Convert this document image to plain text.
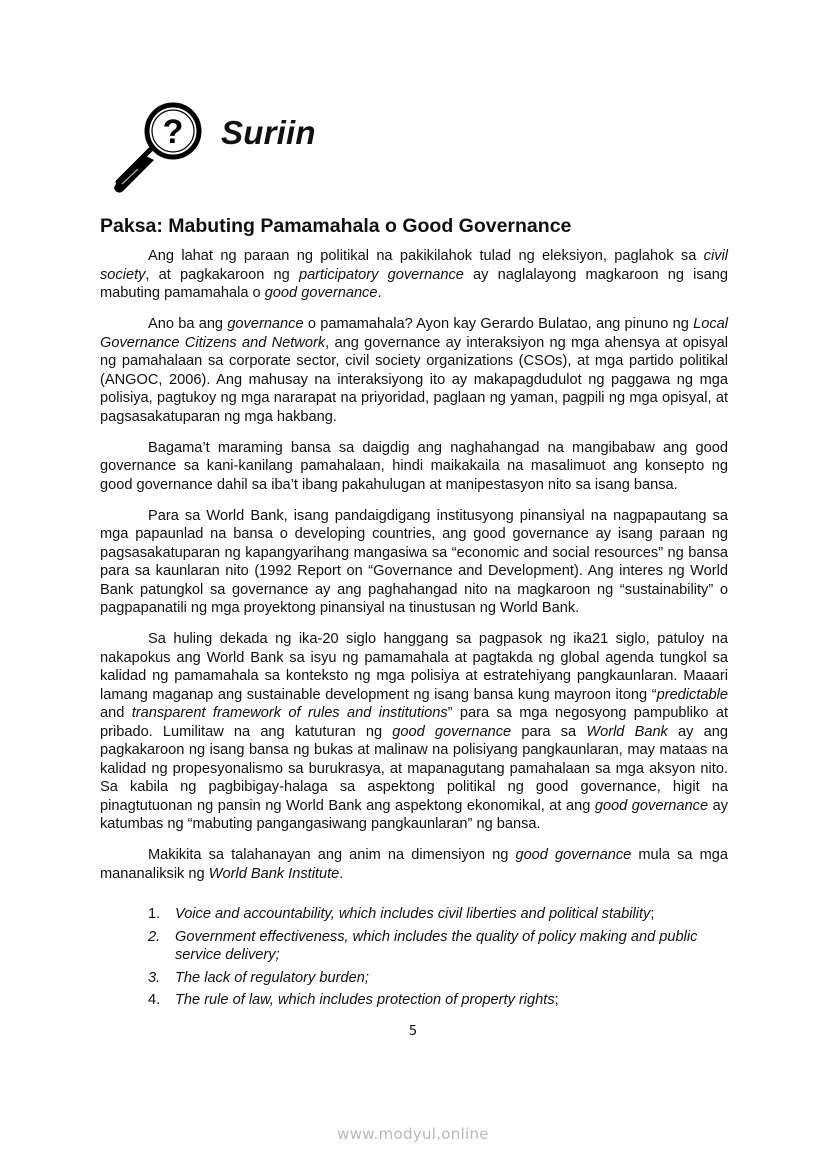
? Suriin
Paksa: Mabuting Pamamahala o Good Governance

Ang lahat ng paraan ng politikal na pakikilahok tulad ng eleksiyon, paglahok sa civil society, at pagkakaroon ng participatory governance ay naglalayong magkaroon ng isang mabuting pamamahala o good governance.

Ano ba ang governance o pamamahala? Ayon kay Gerardo Bulatao, ang pinuno ng Local Governance Citizens and Network, ang governance ay interaksiyon ng mga ahensya at opisyal ng pamahalaan sa corporate sector, civil society organizations (CSOs), at mga partido politikal (ANGOC, 2006). Ang mahusay na interaksiyong ito ay makapagdudulot ng paggawa ng mga polisiya, pagtukoy ng mga nararapat na priyoridad, paglaan ng yaman, pagpili ng mga opisyal, at pagsasakatuparan ng mga hakbang.

Bagama’t maraming bansa sa daigdig ang naghahangad na mangibabaw ang good governance sa kani-kanilang pamahalaan, hindi maikakaila na masalimuot ang konsepto ng good governance dahil sa iba’t ibang pakahulugan at manipestasyon nito sa isang bansa.

Para sa World Bank, isang pandaigdigang institusyong pinansiyal na nagpapautang sa mga papaunlad na bansa o developing countries, ang good governance ay isang paraan ng pagsasakatuparan ng kapangyarihang mangasiwa sa “economic and social resources” ng bansa para sa kaunlaran nito (1992 Report on “Governance and Development). Ang interes ng World Bank patungkol sa governance ay ang paghahangad nito na magkaroon ng “sustainability” o pagpapanatili ng mga proyektong pinansiyal na tinustusan ng World Bank.

Sa huling dekada ng ika-20 siglo hanggang sa pagpasok ng ika21 siglo, patuloy na nakapokus ang World Bank sa isyu ng pamamahala at pagtakda ng global agenda tungkol sa kalidad ng pamamahala sa konteksto ng mga polisiya at estratehiyang pangkaunlaran. Maaari lamang maganap ang sustainable development ng isang bansa kung mayroon itong “predictable and transparent framework of rules and institutions” para sa mga negosyong pampubliko at pribado. Lumilitaw na ang katuturan ng good governance para sa World Bank ay ang pagkakaroon ng isang bansa ng bukas at malinaw na polisiyang pangkaunlaran, may mataas na kalidad ng propesyonalismo sa burukrasya, at mapanagutang pamahalaan sa mga aksyon nito. Sa kabila ng pagbibigay-halaga sa aspektong politikal ng good governance, higit na pinagtutuonan ng pansin ng World Bank ang aspektong ekonomikal, at ang good governance ay katumbas ng “mabuting pangangasiwang pangkaunlaran” ng bansa.

Makikita sa talahanayan ang anim na dimensiyon ng good governance mula sa mga mananaliksik ng World Bank Institute.

1. Voice and accountability, which includes civil liberties and political stability;
2. Government effectiveness, which includes the quality of policy making and public service delivery;
3. The lack of regulatory burden;
4. The rule of law, which includes protection of property rights;
5
www.modyul.online
